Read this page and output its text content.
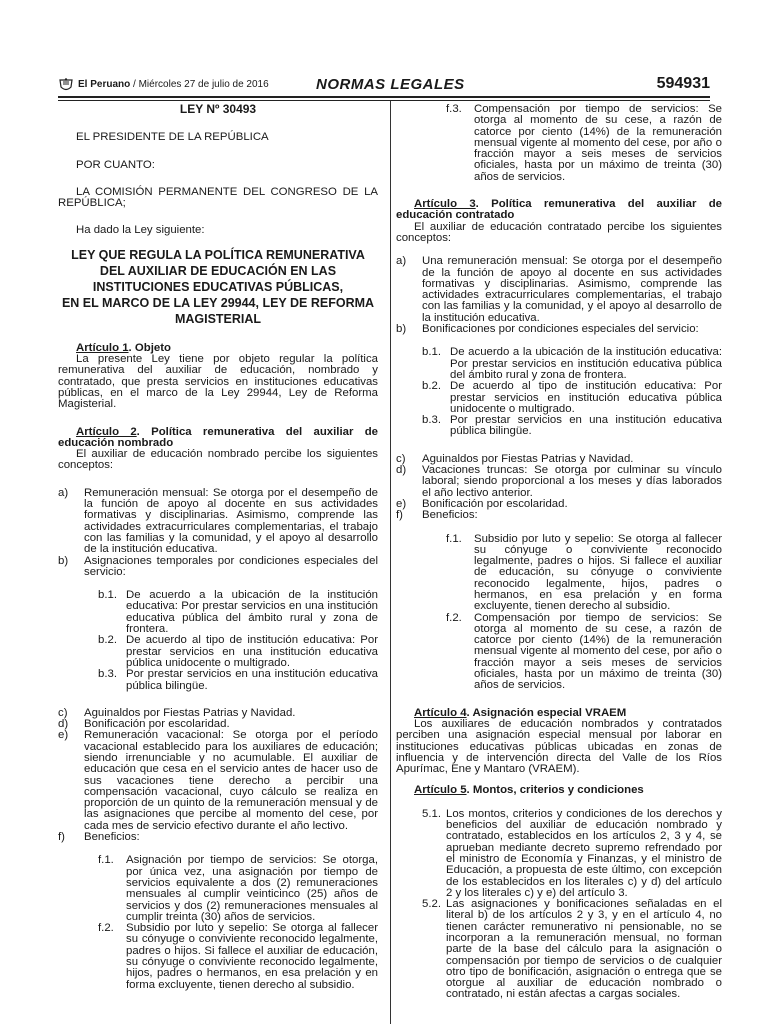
El Peruano / Miércoles 27 de julio de 2016	NORMAS LEGALES	594931

LEY Nº 30493

EL PRESIDENTE DE LA REPÚBLICA

POR CUANTO:

LA COMISIÓN PERMANENTE DEL CONGRESO DE LA REPÚBLICA;

Ha dado la Ley siguiente:

LEY QUE REGULA LA POLÍTICA REMUNERATIVA
DEL AUXILIAR DE EDUCACIÓN EN LAS
INSTITUCIONES EDUCATIVAS PÚBLICAS,
EN EL MARCO DE LA LEY 29944, LEY DE REFORMA
MAGISTERIAL

Artículo 1. Objeto

La presente Ley tiene por objeto regular la política remunerativa del auxiliar de educación, nombrado y contratado, que presta servicios en instituciones educativas públicas, en el marco de la Ley 29944, Ley de Reforma Magisterial.

Artículo 2. Política remunerativa del auxiliar de educación nombrado

El auxiliar de educación nombrado percibe los siguientes conceptos:

a)	Remuneración mensual: Se otorga por el desempeño de la función de apoyo al docente en sus actividades formativas y disciplinarias. Asimismo, comprende las actividades extracurriculares complementarias, el trabajo con las familias y la comunidad, y el apoyo al desarrollo de la institución educativa.
b)	Asignaciones temporales por condiciones especiales del servicio:
b.1. De acuerdo a la ubicación de la institución educativa: Por prestar servicios en una institución educativa pública del ámbito rural y zona de frontera.
b.2. De acuerdo al tipo de institución educativa: Por prestar servicios en una institución educativa pública unidocente o multigrado.
b.3. Por prestar servicios en una institución educativa pública bilingüe.
c)	Aguinaldos por Fiestas Patrias y Navidad.
d)	Bonificación por escolaridad.
e)	Remuneración vacacional: Se otorga por el período vacacional establecido para los auxiliares de educación; siendo irrenunciable y no acumulable. El auxiliar de educación que cesa en el servicio antes de hacer uso de sus vacaciones tiene derecho a percibir una compensación vacacional, cuyo cálculo se realiza en proporción de un quinto de la remuneración mensual y de las asignaciones que percibe al momento del cese, por cada mes de servicio efectivo durante el año lectivo.
f)	Beneficios:
f.1.	Asignación por tiempo de servicios: Se otorga, por única vez, una asignación por tiempo de servicios equivalente a dos (2) remuneraciones mensuales al cumplir veinticinco (25) años de servicios y dos (2) remuneraciones mensuales al cumplir treinta (30) años de servicios.
f.2.	Subsidio por luto y sepelio: Se otorga al fallecer su cónyuge o conviviente reconocido legalmente, padres o hijos. Si fallece el auxiliar de educación, su cónyuge o conviviente reconocido legalmente, hijos, padres o hermanos, en esa prelación y en forma excluyente, tienen derecho al subsidio.
f.3.	Compensación por tiempo de servicios: Se otorga al momento de su cese, a razón de catorce por ciento (14%) de la remuneración mensual vigente al momento del cese, por año o fracción mayor a seis meses de servicios oficiales, hasta por un máximo de treinta (30) años de servicios.

Artículo 3. Política remunerativa del auxiliar de educación contratado

El auxiliar de educación contratado percibe los siguientes conceptos:

a)	Una remuneración mensual: Se otorga por el desempeño de la función de apoyo al docente en sus actividades formativas y disciplinarias. Asimismo, comprende las actividades extracurriculares complementarias, el trabajo con las familias y la comunidad, y el apoyo al desarrollo de la institución educativa.
b)	Bonificaciones por condiciones especiales del servicio:
b.1. De acuerdo a la ubicación de la institución educativa: Por prestar servicios en institución educativa pública del ámbito rural y zona de frontera.
b.2. De acuerdo al tipo de institución educativa: Por prestar servicios en institución educativa pública unidocente o multigrado.
b.3. Por prestar servicios en una institución educativa pública bilingüe.
c)	Aguinaldos por Fiestas Patrias y Navidad.
d)	Vacaciones truncas: Se otorga por culminar su vínculo laboral; siendo proporcional a los meses y días laborados el año lectivo anterior.
e)	Bonificación por escolaridad.
f)	Beneficios:
f.1.	Subsidio por luto y sepelio: Se otorga al fallecer su cónyuge o conviviente reconocido legalmente, padres o hijos. Si fallece el auxiliar de educación, su cónyuge o conviviente reconocido legalmente, hijos, padres o hermanos, en esa prelación y en forma excluyente, tienen derecho al subsidio.
f.2.	Compensación por tiempo de servicios: Se otorga al momento de su cese, a razón de catorce por ciento (14%) de la remuneración mensual vigente al momento del cese, por año o fracción mayor a seis meses de servicios oficiales, hasta por un máximo de treinta (30) años de servicios.

Artículo 4. Asignación especial VRAEM

Los auxiliares de educación nombrados y contratados perciben una asignación especial mensual por laborar en instituciones educativas públicas ubicadas en zonas de influencia y de intervención directa del Valle de los Ríos Apurímac, Ene y Mantaro (VRAEM).

Artículo 5. Montos, criterios y condiciones

5.1. Los montos, criterios y condiciones de los derechos y beneficios del auxiliar de educación nombrado y contratado, establecidos en los artículos 2, 3 y 4, se aprueban mediante decreto supremo refrendado por el ministro de Economía y Finanzas, y el ministro de Educación, a propuesta de este último, con excepción de los establecidos en los literales c) y d) del artículo 2 y los literales c) y e) del artículo 3.
5.2. Las asignaciones y bonificaciones señaladas en el literal b) de los artículos 2 y 3, y en el artículo 4, no tienen carácter remunerativo ni pensionable, no se incorporan a la remuneración mensual, no forman parte de la base del cálculo para la asignación o compensación por tiempo de servicios o de cualquier otro tipo de bonificación, asignación o entrega que se otorgue al auxiliar de educación nombrado o contratado, ni están afectas a cargas sociales.
